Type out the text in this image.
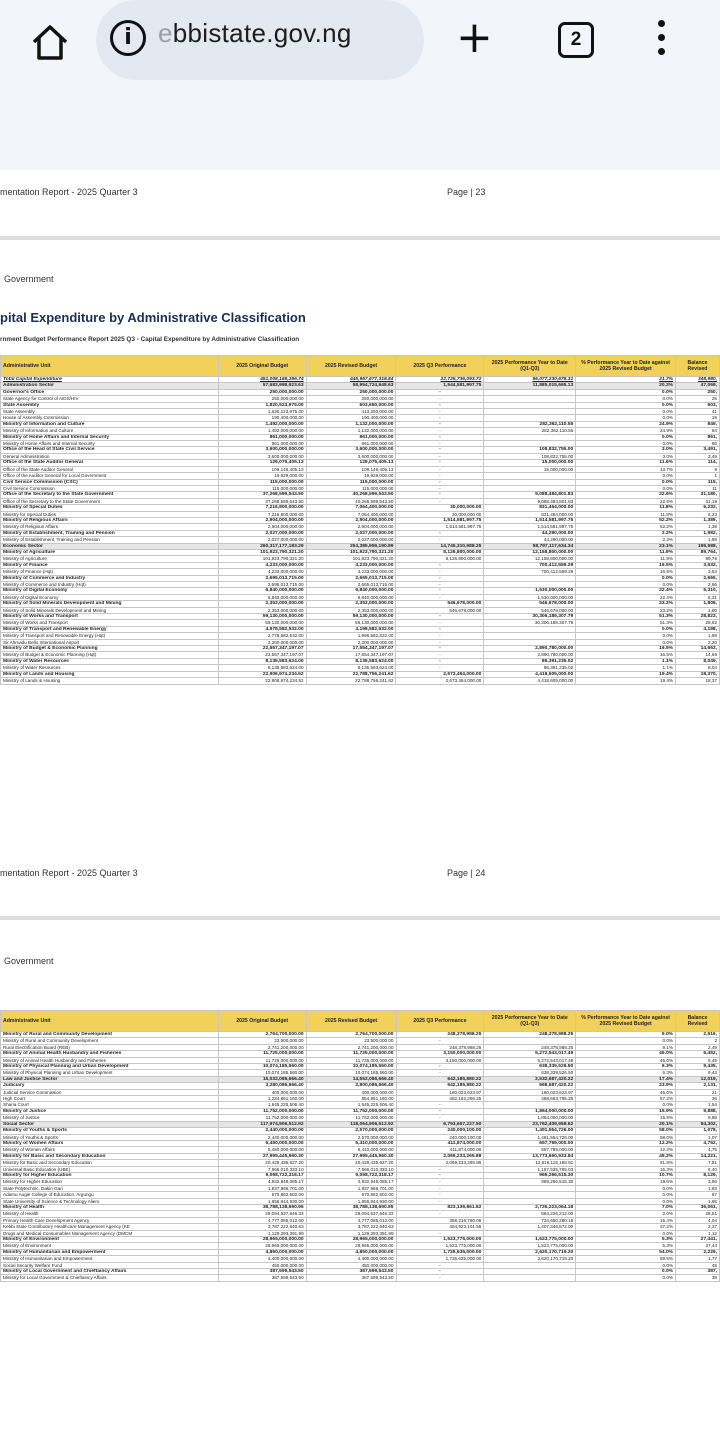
i	ebbistate.gov.ng +	2
mentation Report - 2025 Quarter 3	Page | 23
Government
pital Expenditure by Administrative Classification
rnment Budget Performance Report 2025 Q3 - Capital Expenditure by Administrative Classification
Administrative Unit	2025 Original Budget	2025 Revised Budget	2025 Q3 Performance	2025 Performance Year to Date (Q1-Q3)	% Performance Year to Date against 2025 Revised Budget	Balance Revised
Total Capital Expenditure	451,008,169,286.74	445,957,677,318.84	22,725,736,093.72	96,077,230,678.31	21.7%	348,980,
Administration Sector	57,683,998,923.63	58,954,724,948.63	1,544,581,997.75	11,885,015,665.13	20.2%	47,069,
Governor's Office	250,000,000.00	250,000,000.00	-		0.0%	250,
State Agency for Control of AIDS/HIV	250,000,000.00	250,000,000.00	-		0.0%	25
State Assembly	1,820,523,975.00	603,650,000.00	-		0.0%	603,
State Assembly	1,630,123,975.00	413,250,000.00	-		0.0%	41
House of Assembly Commission	190,400,000.00	190,400,000.00	-		0.0%	19
Ministry of Information and Culture	1,492,000,000.00	1,132,000,000.00	-	282,362,110.55	24.9%	849,
Ministry of Information and Culture	1,492,000,000.00	1,132,000,000.00	-	282,362,110.55	24.9%	84
Ministry of Home Affairs and Internal Security	861,000,000.00	861,000,000.00	-		0.0%	861,
Ministry of Home Affairs and Internal Security	861,000,000.00	861,000,000.00	-		0.0%	86
Office of the Head of State Civil Service	3,600,000,000.00	3,600,000,000.00	-	108,832,755.00	3.0%	3,491,
General Administration	3,600,000,000.00	3,600,000,000.00	-	108,832,755.00	3.0%	3,49
Office of the State Auditor General	129,075,405.13	129,075,405.13	-	15,000,000.00	11.6%	114,
Office of the State Auditor General	109,146,405.13	109,146,405.13	-	15,000,000.00	13.7%	9
Office of the Auditor General for Local Government	19,929,000.00	19,929,000.00	-		0.0%	1
Civil Service Commission (CSC)	115,000,000.00	115,000,000.00	-		0.0%	115,
Civil Service Commission	115,000,000.00	115,000,000.00	-		0.0%	11
Office of the Secretary to the State Government	37,268,599,543.50	40,268,599,543.50	-	9,088,484,801.83	22.6%	31,180,
Office of the Secretary to the State Government	37,268,599,543.50	40,268,599,543.50	-	9,088,484,801.83	22.6%	31,18
Ministry of Special Duties	7,216,800,000.00	7,064,400,000.00	30,000,000.00	831,464,000.00	11.8%	6,232,
Ministry for Special Duties	7,216,800,000.00	7,064,400,000.00	30,000,000.00	831,464,000.00	11.8%	6,23
Ministry of Religious Affairs	2,904,000,000.00	2,904,000,000.00	1,514,581,997.75	1,514,581,997.75	52.2%	1,389,
Ministry of Religious Affairs	2,904,000,000.00	2,904,000,000.00	1,514,581,997.75	1,514,581,997.75	52.2%	1,38
Ministry of Establishment, Training and Pension	2,027,000,000.00	2,027,000,000.00	-	44,290,000.00	2.2%	1,982,
Ministry of Establishment, Training and Pension	2,027,000,000.00	2,027,000,000.00	-	44,290,000.00	2.2%	1,98
Economic Sector	260,317,177,183.29	254,385,959,190.89	14,745,310,988.25	58,797,117,634.34	23.1%	195,588,
Ministry of Agriculture	101,923,790,321.20	101,923,790,321.20	8,126,800,000.00	12,158,800,000.00	11.9%	89,764,
Ministry of Agriculture	101,923,790,321.20	101,923,790,321.20	8,126,800,000.00	12,158,800,000.00	11.9%	89,76
Ministry of Finance	4,233,000,000.00	4,233,000,000.00	-	700,412,559.29	16.5%	3,532,
Ministry of Finance (Hqt)	4,233,000,000.00	4,233,000,000.00	-	700,412,559.29	16.5%	3,53
Ministry of Commerce and Industry	2,695,013,715.00	2,665,013,715.00	-		0.0%	2,665,
Ministry of Commerce and Industry (Hqt)	2,695,013,715.00	2,665,013,715.00	-		0.0%	2,66
Ministry of Digital Economy	6,840,000,000.00	6,840,000,000.00	-	1,530,000,000.00	22.4%	5,310,
Ministry of Digital Economy	6,840,000,000.00	6,840,000,000.00	-	1,530,000,000.00	22.4%	5,31
Ministry of Solid Minerals Development and Mining	2,353,000,000.00	2,353,000,000.00	546,678,000.00	546,678,000.00	23.2%	1,806,
Ministry of Solid Minerals Development and Mining	2,353,000,000.00	2,353,000,000.00	546,678,000.00	546,678,000.00	23.2%	1,80
Ministry of Works and Transport	59,130,000,000.00	59,130,000,000.00	-	30,306,189,307.79	51.3%	28,823,
Ministry of Works and Transport	59,130,000,000.00	59,130,000,000.00	-	30,306,189,307.79	51.3%	28,82
Ministry of Transport and Renewable Energy	4,978,582,532.00	4,198,582,532.00	-		0.0%	4,198,
Ministry of Transport and Renewable Energy (Hqt)	2,778,582,532.00	1,998,582,532.00	-		0.0%	1,99
Sir Ahmadu Bello International Airport	2,200,000,000.00	2,200,000,000.00	-		0.0%	2,20
Ministry of Budget & Economic Planning	22,557,347,197.07	17,554,347,197.07	-	2,890,780,000.00	16.5%	14,663,
Ministry of Budget & Economic Planning (Hqt)	22,557,347,197.07	17,554,347,197.07	-	2,890,780,000.00	16.5%	14,66
Ministry of Water Resources	8,135,583,624.00	8,135,583,624.00	-	86,391,235.02	1.1%	8,049,
Ministry of Water Resources	8,135,583,624.00	8,135,583,624.00	-	86,391,235.02	1.1%	8,04
Ministry of Lands and Housing	22,906,974,234.52	22,788,756,241.62	2,673,454,000.00	4,418,605,000.00	19.4%	18,370,
Ministry of Lands & Housing	22,906,974,234.52	22,788,756,241.62	2,673,454,000.00	4,418,605,000.00	19.4%	18,37
mentation Report - 2025 Quarter 3	Page | 24
Government
Administrative Unit	2025 Original Budget	2025 Revised Budget	2025 Q3 Performance	2025 Performance Year to Date (Q1-Q3)	% Performance Year to Date against 2025 Revised Budget	Balance Revised
Ministry of Rural and Community Development	2,764,700,000.00	2,764,700,000.00	248,378,988.25	248,378,988.25	9.0%	2,516,
Ministry of Rural and Community Development	23,500,000.00	23,500,000.00	-		0.0%	2
Rural Electrification Board (REB)	2,741,200,000.00	2,741,200,000.00	248,378,988.25	248,378,988.25	9.1%	2,49
Ministry of Animal Health Husbandry and Fisheries	11,725,000,000.00	11,725,000,000.00	3,150,000,000.00	5,272,543,017.49	45.0%	6,452,
Ministry of Animal Health Husbandry and Fisheries	11,725,000,000.00	11,725,000,000.00	3,150,000,000.00	5,272,543,017.49	45.0%	6,45
Ministry of Physical Planning and Urban Development	10,074,185,560.00	10,074,185,560.00	-	638,339,526.50	6.3%	9,435,
Ministry of Physical Planning and Urban Development	10,074,185,560.00	10,074,185,560.00	-	638,339,526.50	6.3%	9,43
Law and Justice Sector	15,032,086,666.40	14,552,086,666.40	642,185,880.22	2,532,687,420.22	17.4%	12,019,
Judiciary	3,280,086,666.40	2,800,086,666.40	642,185,880.22	668,687,420.22	23.9%	2,131,
Judicial Service Commission	400,000,000.00	400,000,000.00	180,023,623.97	180,023,623.97	45.0%	21
High Court	1,234,861,160.00	854,861,160.00	462,162,256.25	488,663,796.25	57.2%	36
Sharia Court	1,645,225,506.40	1,545,225,506.40	-		0.0%	1,54
Ministry of Justice	11,752,000,000.00	11,752,000,000.00	-	1,864,000,000.00	15.9%	9,888,
Ministry of Justice	11,752,000,000.00	11,752,000,000.00	-	1,864,000,000.00	15.9%	9,88
Social Sector	117,974,906,512.92	118,064,906,512.92	6,793,657,227.50	23,762,409,958.62	20.1%	94,302,
Ministry of Youths & Sports	2,440,000,000.00	2,570,000,000.00	240,000,100.00	1,491,554,726.00	58.0%	1,078,
Ministry of Youths & Sports	2,440,000,000.00	2,570,000,000.00	240,000,100.00	1,491,554,726.00	58.0%	1,07
Ministry of Women Affairs	5,450,000,000.00	5,410,000,000.00	411,874,000.00	657,769,000.00	12.2%	4,752,
Ministry of Women Affairs	5,450,000,000.00	5,410,000,000.00	411,874,000.00	657,769,000.00	12.2%	4,75
Ministry for Basic and Secondary Education	27,995,445,960.30	27,995,445,960.30	2,069,233,265.88	13,773,650,933.94	49.2%	14,221,
Ministry for Basic and Secondary Education	20,429,435,627.20	20,429,435,627.20	2,069,233,265.88	12,616,115,168.91	61.8%	7,81
Universal Basic Education (UBE)	7,566,010,333.10	7,566,010,333.10	-	1,157,535,765.03	15.3%	6,40
Ministry for Higher Education	9,098,722,318.17	9,098,722,318.17	-	969,266,515.30	10.7%	8,129,
Ministry for Higher Education	4,932,948,085.17	4,932,948,085.17	-	969,266,515.30	19.6%	3,96
State Polytechnic, Dakin Gari	1,837,966,701.00	1,837,966,701.00	-		0.0%	1,83
Adamu Augie College of Education, Argungu	670,862,602.00	670,862,602.00	-		0.0%	67
State University of Science & Technology Aliero	1,656,944,930.00	1,656,944,930.00	-		0.0%	1,65
Ministry of Health	38,788,138,690.95	38,788,138,690.95	823,139,861.62	2,726,223,064.18	7.0%	36,061,
Ministry of Health	29,094,537,646.33	29,094,537,646.33	-	584,226,212.00	2.0%	28,51
Primary Health Care Development Agency	4,777,085,012.00	4,777,085,012.00	358,216,760.06	734,650,280.18	15.4%	4,04
Kebbi State Contributory Healthcare Management Agency (KE	3,787,222,640.63	3,787,222,640.63	464,923,101.56	1,407,346,572.00	37.2%	2,37
Drugs and Medical Consumables Management Agency (DMCM	1,129,293,391.99	1,129,293,391.99	-		0.0%	1,12
Ministry of Environment	28,965,000,000.00	28,965,000,000.00	1,523,775,000.00	1,523,775,000.00	5.3%	27,441,
Ministry of Environment	28,965,000,000.00	28,965,000,000.00	1,523,775,000.00	1,523,775,000.00	5.3%	27,44
Ministry of Humanitarian and Empowerment	4,850,000,000.00	4,850,000,000.00	1,725,635,000.00	2,620,170,719.20	54.0%	2,229,
Ministry of Humanitarian and Empowerment	4,400,000,000.00	4,400,000,000.00	1,725,635,000.00	2,620,170,719.20	59.5%	1,77
Social Security Welfare Fund	450,000,000.00	450,000,000.00	-		0.0%	45
Ministry of Local Government and Chieftaincy Affairs	387,599,543.50	387,599,543.50	-		0.0%	387,
Ministry for Local Government & Chieftaincy Affairs	387,599,543.50	387,599,543.50	-		0.0%	38
